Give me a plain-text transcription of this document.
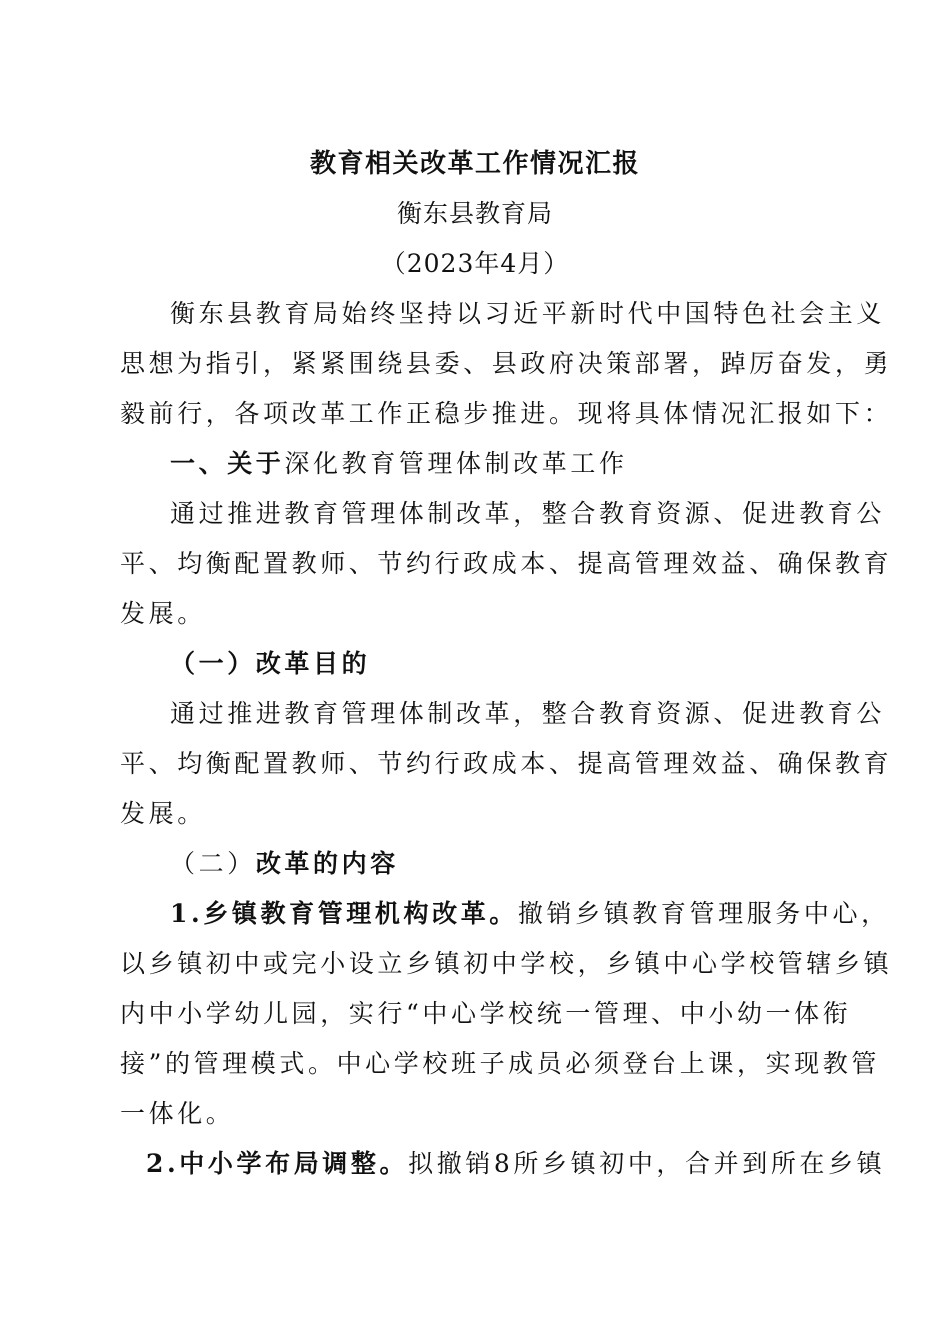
教育相关改革工作情况汇报
衡东县教育局
（2023年4月）
衡东县教育局始终坚持以习近平新时代中国特色社会主义
思想为指引，紧紧围绕县委、县政府决策部署，踔厉奋发，勇
毅前行，各项改革工作正稳步推进。现将具体情况汇报如下：
一、关于深化教育管理体制改革工作
通过推进教育管理体制改革，整合教育资源、促进教育公
平、均衡配置教师、节约行政成本、提高管理效益、确保教育
发展。
（一）改革目的
通过推进教育管理体制改革，整合教育资源、促进教育公
平、均衡配置教师、节约行政成本、提高管理效益、确保教育
发展。
（二）改革的内容
1.乡镇教育管理机构改革。撤销乡镇教育管理服务中心，
以乡镇初中或完小设立乡镇初中学校，乡镇中心学校管辖乡镇
内中小学幼儿园，实行“中心学校统一管理、中小幼一体衔
接”的管理模式。中心学校班子成员必须登台上课，实现教管
一体化。
2.中小学布局调整。拟撤销8所乡镇初中，合并到所在乡镇
